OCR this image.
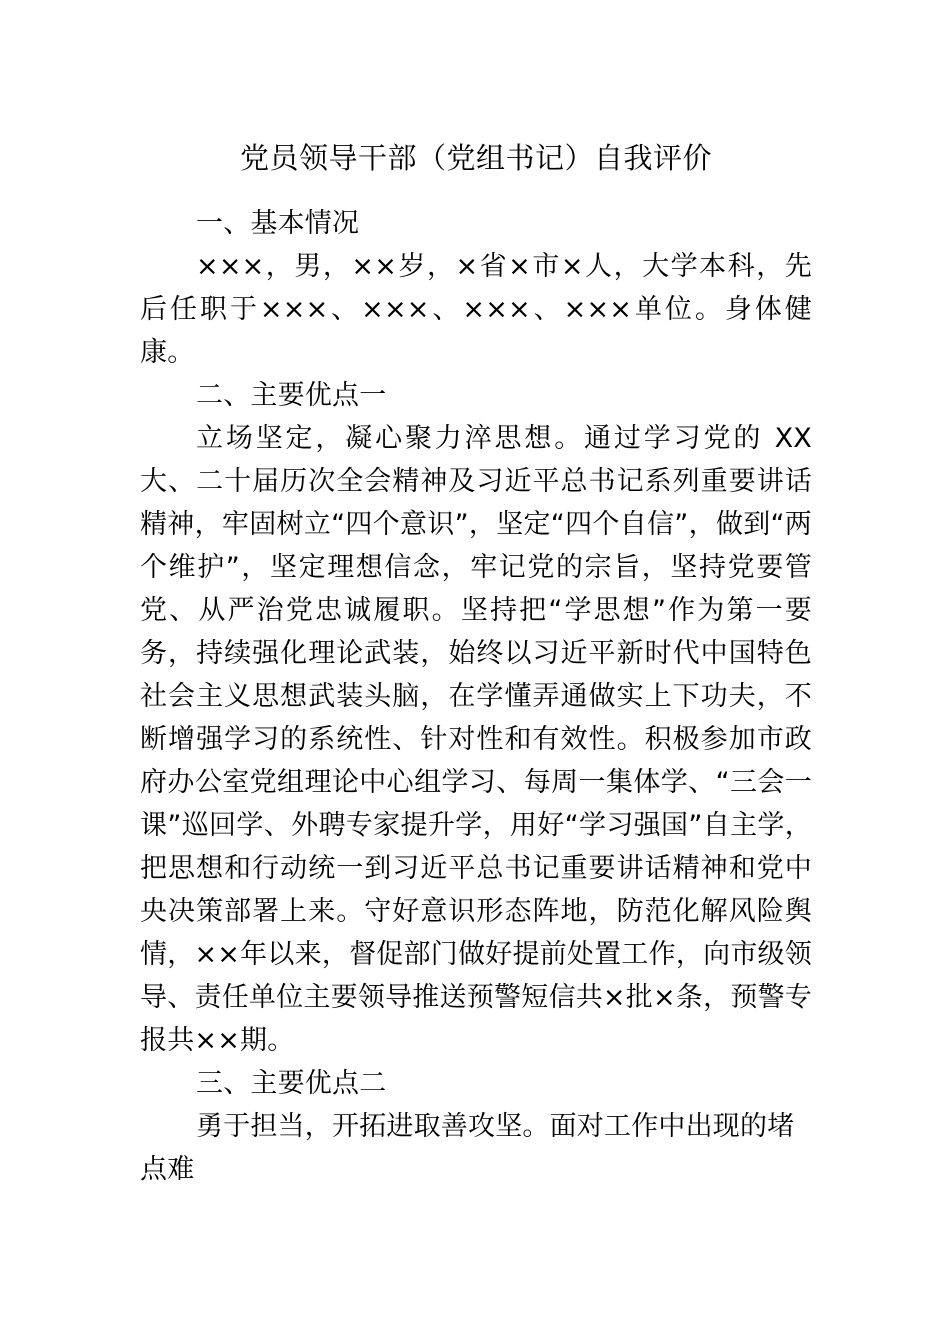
党员领导干部（党组书记）自我评价
一、基本情况
×××，男，××岁，×省×市×人，大学本科，先后任职于×××、×××、×××、×××单位。身体健康。
二、主要优点一
立场坚定，凝心聚力淬思想。通过学习党的 XX 大、二十届历次全会精神及习近平总书记系列重要讲话精神，牢固树立“四个意识”，坚定“四个自信”，做到“两个维护”，坚定理想信念，牢记党的宗旨，坚持党要管党、从严治党忠诚履职。坚持把“学思想”作为第一要务，持续强化理论武装，始终以习近平新时代中国特色社会主义思想武装头脑，在学懂弄通做实上下功夫，不断增强学习的系统性、针对性和有效性。积极参加市政府办公室党组理论中心组学习、每周一集体学、“三会一课”巡回学、外聘专家提升学，用好“学习强国”自主学，把思想和行动统一到习近平总书记重要讲话精神和党中央决策部署上来。守好意识形态阵地，防范化解风险舆情，××年以来，督促部门做好提前处置工作，向市级领导、责任单位主要领导推送预警短信共×批×条，预警专报共××期。
三、主要优点二
勇于担当，开拓进取善攻坚。面对工作中出现的堵点难
